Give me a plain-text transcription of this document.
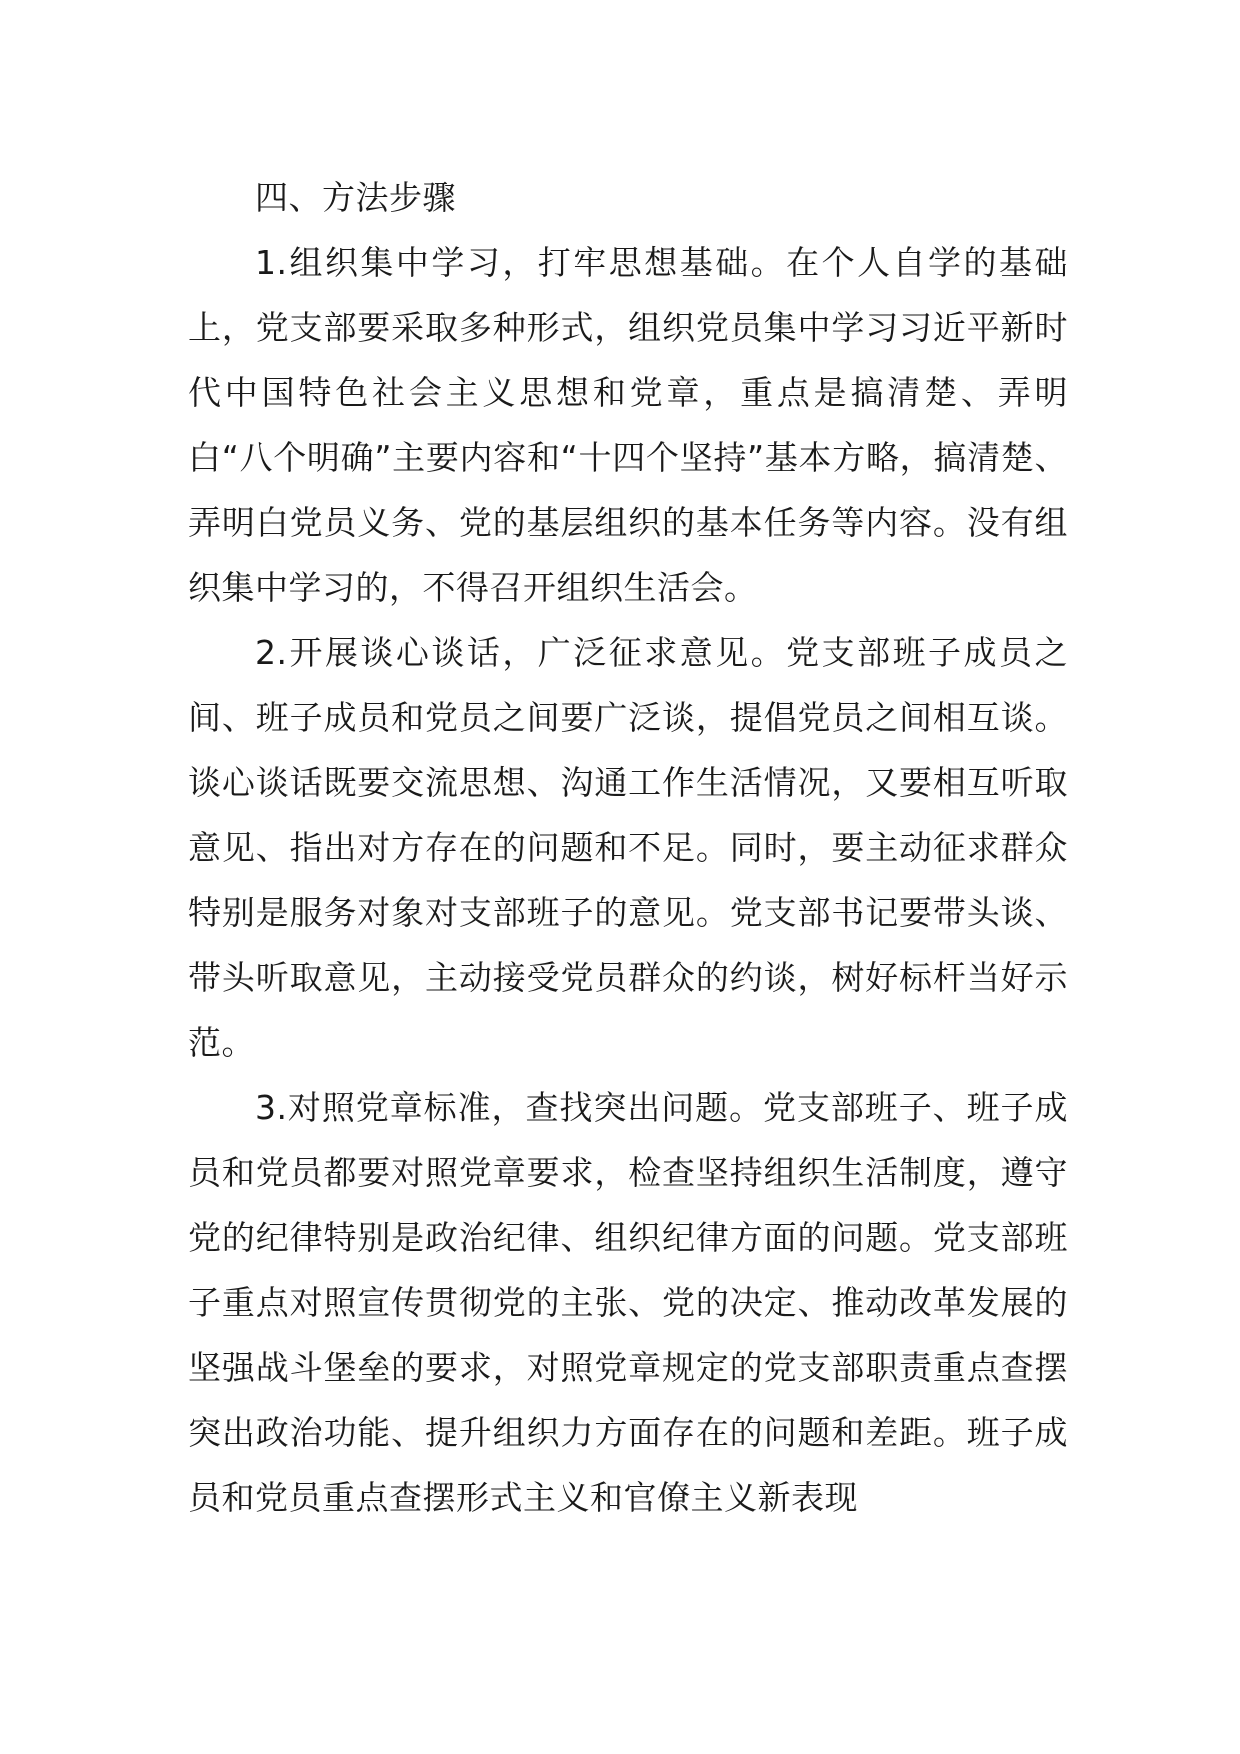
四、方法步骤

1.组织集中学习，打牢思想基础。在个人自学的基础上，党支部要采取多种形式，组织党员集中学习习近平新时代中国特色社会主义思想和党章，重点是搞清楚、弄明白“八个明确”主要内容和“十四个坚持”基本方略，搞清楚、弄明白党员义务、党的基层组织的基本任务等内容。没有组织集中学习的，不得召开组织生活会。

2.开展谈心谈话，广泛征求意见。党支部班子成员之间、班子成员和党员之间要广泛谈，提倡党员之间相互谈。谈心谈话既要交流思想、沟通工作生活情况，又要相互听取意见、指出对方存在的问题和不足。同时，要主动征求群众特别是服务对象对支部班子的意见。党支部书记要带头谈、带头听取意见，主动接受党员群众的约谈，树好标杆当好示范。

3.对照党章标准，查找突出问题。党支部班子、班子成员和党员都要对照党章要求，检查坚持组织生活制度，遵守党的纪律特别是政治纪律、组织纪律方面的问题。党支部班子重点对照宣传贯彻党的主张、党的决定、推动改革发展的坚强战斗堡垒的要求，对照党章规定的党支部职责重点查摆突出政治功能、提升组织力方面存在的问题和差距。班子成员和党员重点查摆形式主义和官僚主义新表现
